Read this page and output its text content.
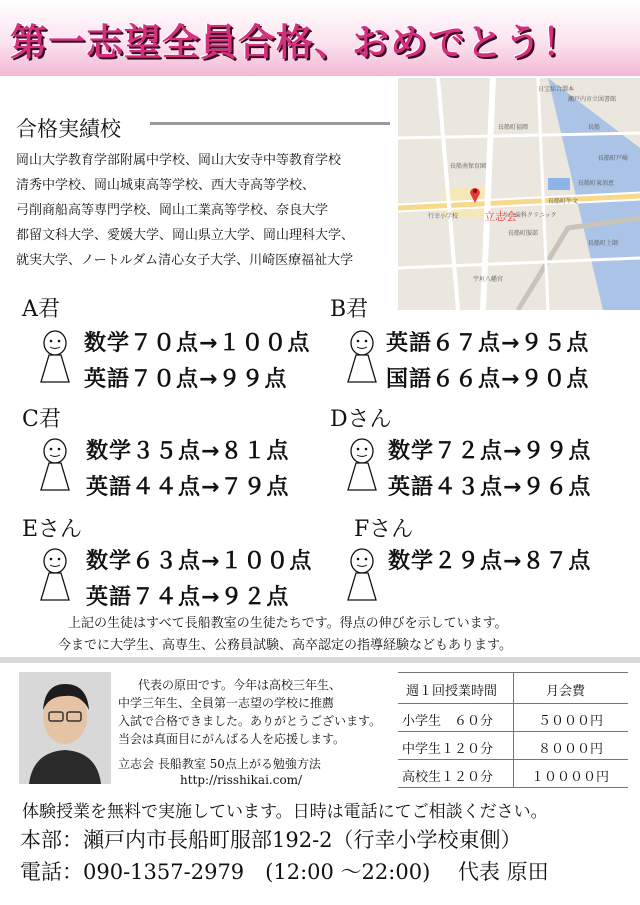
第一志望全員合格、おめでとう！
合格実績校
岡山大学教育学部附属中学校、岡山大安寺中等教育学校
清秀中学校、岡山城東高等学校、西大寺高等学校、
弓削商船高等専門学校、岡山工業高等学校、奈良大学
都留文科大学、愛媛大学、岡山県立大学、岡山理科大学、
就実大学、ノートルダム清心女子大学、川崎医療福祉大学
日宝綜合製本
長船町福岡	長船
長船南保育園
長船町服部
小山歯科クリニック
行幸小学校
長船町土師
宇垣八幡宮
瀬戸内市立図書館
長船町戸崎
長船町東須恵
長船町牛文
立志会
A君
数学７０点→１００点
英語７０点→９９点
B君
英語６７点→９５点
国語６６点→９０点
C君
数学３５点→８１点
英語４４点→７９点
Dさん
数学７２点→９９点
英語４３点→９６点
Eさん
数学６３点→１００点
英語７４点→９２点
Fさん
数学２９点→８７点
上記の生徒はすべて長船教室の生徒たちです。得点の伸びを示しています。
今までに大学生、高専生、公務員試験、高卒認定の指導経験などもあります。
代表の原田です。今年は高校三年生、
中学三年生、全員第一志望の学校に推薦
入試で合格できました。ありがとうございます。
当会は真面目にがんばる人を応援します。
立志会 長船教室 50点上がる勉強方法
http://risshikai.com/
週１回授業時間	月会費
小学生　６０分	５０００円
中学生１２０分	８０００円
高校生１２０分	１００００円
体験授業を無料で実施しています。日時は電話にてご相談ください。
本部：瀬戸内市長船町服部192-2（行幸小学校東側）
電話：090-1357-2979　(12:00 ～22:00)　 代表 原田
